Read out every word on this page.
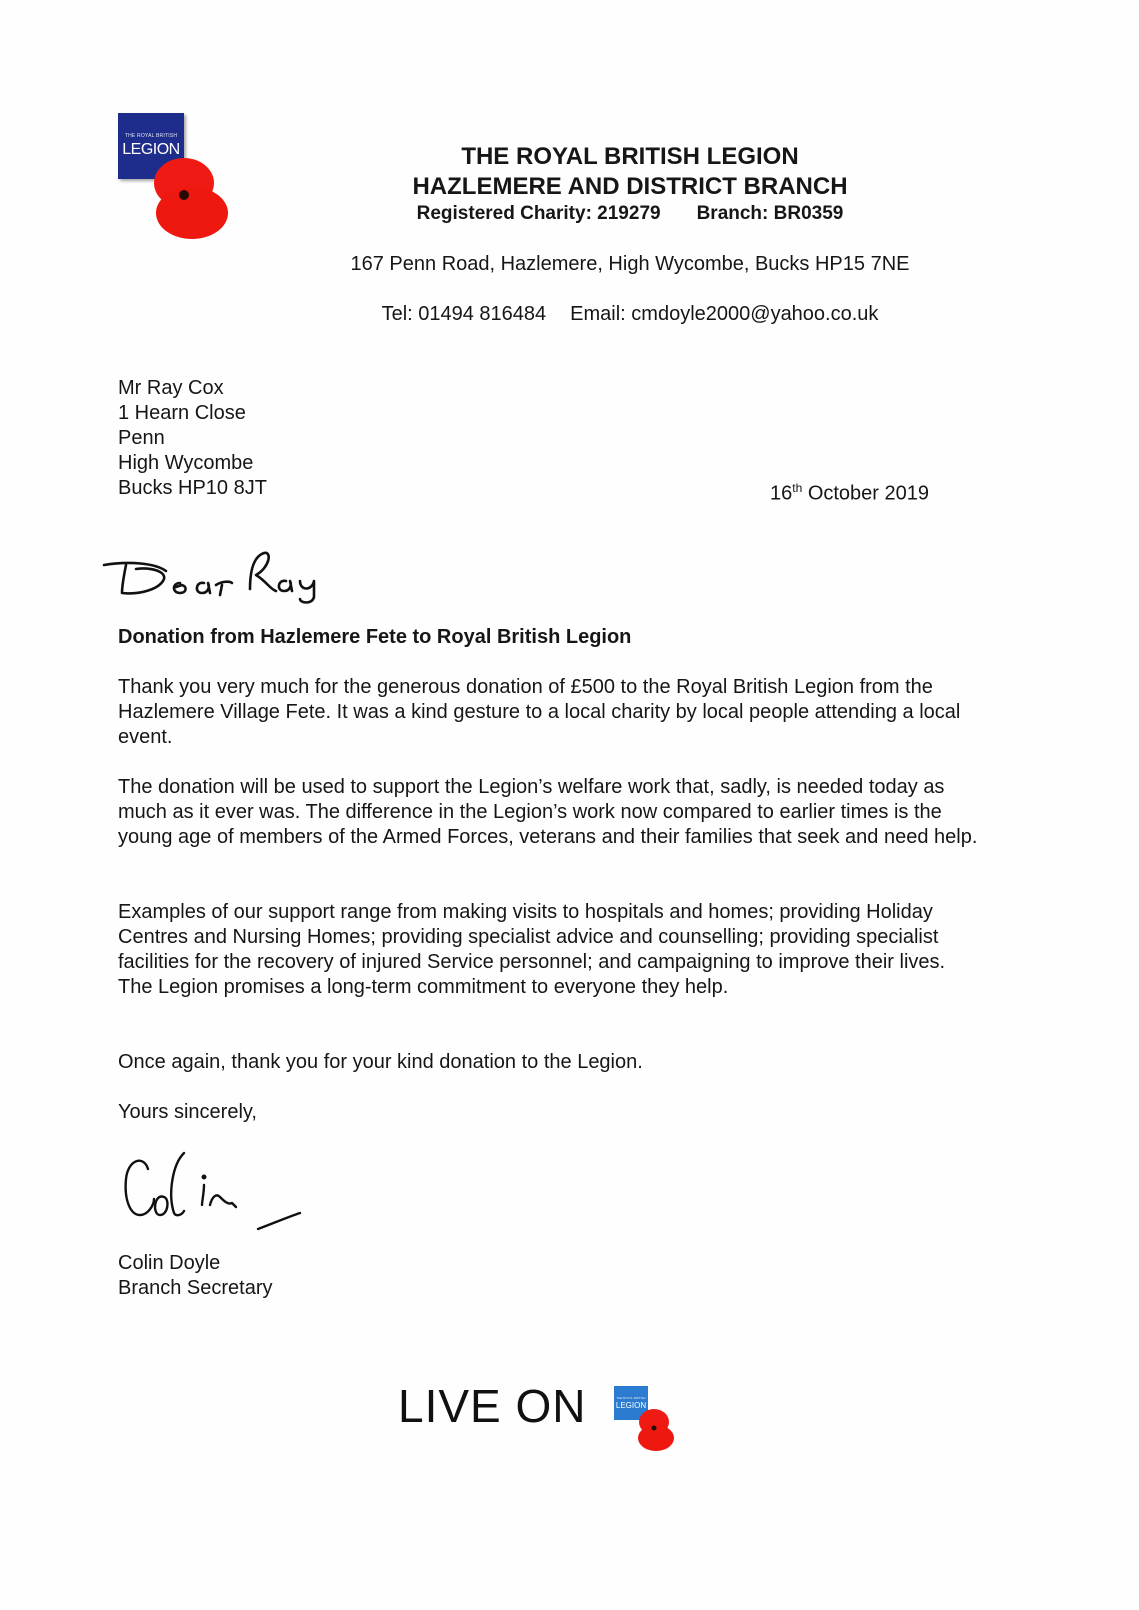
THE ROYAL BRITISH
LEGION	THE ROYAL BRITISH LEGION
HAZLEMERE AND DISTRICT BRANCH
Registered Charity: 219279 Branch: BR0359
167 Penn Road, Hazlemere, High Wycombe, Bucks HP15 7NE
Tel: 01494 816484 Email: cmdoyle2000@yahoo.co.uk
Mr Ray Cox
1 Hearn Close
Penn
High Wycombe
Bucks HP10 8JT	16th October 2019
Donation from Hazlemere Fete to Royal British Legion
Thank you very much for the generous donation of £500 to the Royal British Legion from the Hazlemere Village Fete. It was a kind gesture to a local charity by local people attending a local event.
The donation will be used to support the Legion’s welfare work that, sadly, is needed today as much as it ever was. The difference in the Legion’s work now compared to earlier times is the young age of members of the Armed Forces, veterans and their families that seek and need help.
Examples of our support range from making visits to hospitals and homes; providing Holiday Centres and Nursing Homes; providing specialist advice and counselling; providing specialist facilities for the recovery of injured Service personnel; and campaigning to improve their lives. The Legion promises a long-term commitment to everyone they help.
Once again, thank you for your kind donation to the Legion.
Yours sincerely,
Colin Doyle
Branch Secretary
LIVE ON	THE ROYAL BRITISH
LEGION
